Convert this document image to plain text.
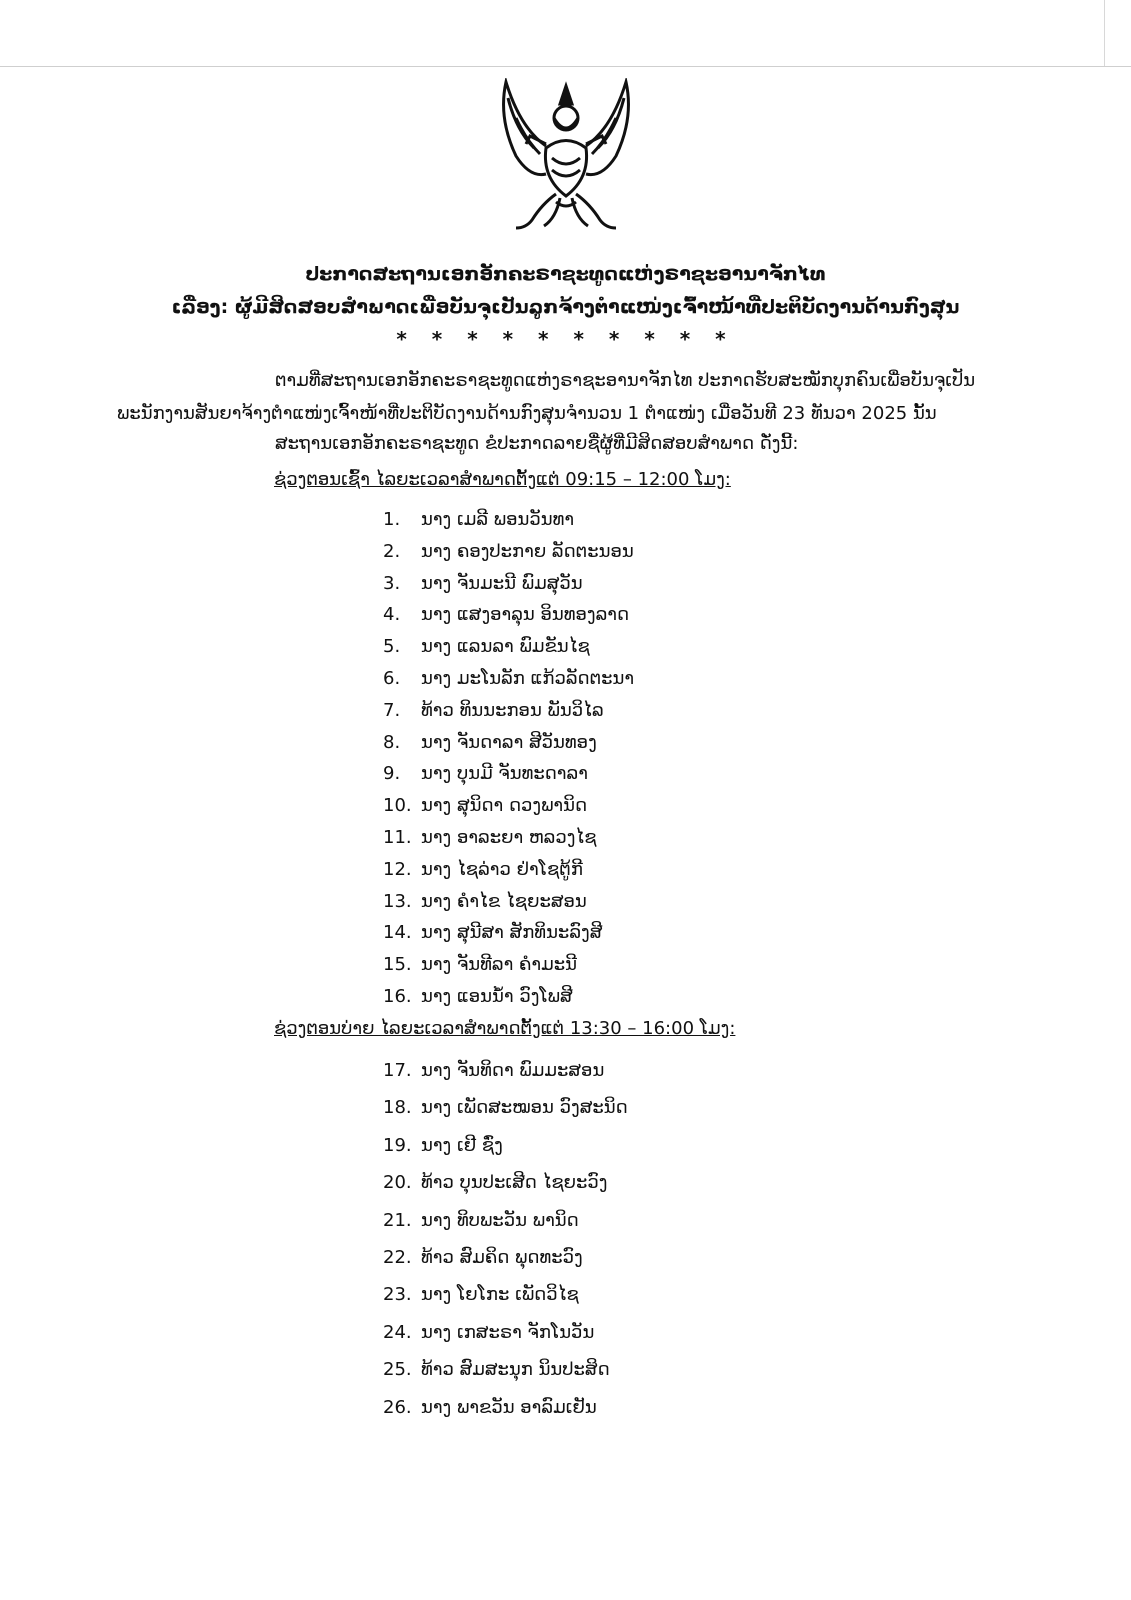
ປະກາດສະຖານເອກອັກຄະຣາຊະທູດແຫ່ງຣາຊະອານາຈັກໄທ
ເລື່ອງ: ຜູ້ມີສິດສອບສຳພາດເພື່ອບັນຈຸເປັນລູກຈ້າງຕຳແໜ່ງເຈົ້າໜ້າທີ່ປະຕິບັດງານດ້ານກົງສຸນ
* * * * * * * * * *
ຕາມທີ່ສະຖານເອກອັກຄະຣາຊະທູດແຫ່ງຣາຊະອານາຈັກໄທ ປະກາດຮັບສະໝັກບຸກຄົນເພື່ອບັນຈຸເປັນ
ພະນັກງານສັນຍາຈ້າງຕຳແໜ່ງເຈົ້າໜ້າທີ່ປະຕິບັດງານດ້ານກົງສຸນຈຳນວນ 1 ຕຳແໜ່ງ ເມື່ອວັນທີ 23 ທັນວາ 2025 ນັ້ນ
ສະຖານເອກອັກຄະຣາຊະທູດ ຂໍປະກາດລາຍຊື່ຜູ້ທີ່ມີສິດສອບສຳພາດ ດັ່ງນີ້:
ຊ່ວງຕອນເຊົ້າ ໄລຍະເວລາສຳພາດຕັ້ງແຕ່ 09:15 – 12:00 ໂມງ:
1. ນາງ ເມລີ ພອນວັນທາ
2. ນາງ ຄອງປະກາຍ ລັດຕະນອນ
3. ນາງ ຈັນມະນີ ພົມສຸວັນ
4. ນາງ ແສງອາລຸນ ອິນທອງລາດ
5. ນາງ ແລນລາ ພົມຂັນໄຊ
6. ນາງ ມະໂນລັກ ແກ້ວລັດຕະນາ
7. ທ້າວ ທິນນະກອນ ພັນວິໄລ
8. ນາງ ຈັນດາລາ ສີວັນທອງ
9. ນາງ ບຸນມີ ຈັນທະດາລາ
10. ນາງ ສຸນິດາ ດວງພານິດ
11. ນາງ ອາລະຍາ ຫລວງໄຊ
12. ນາງ ໄຊລ່າວ ຢ່າໂຊຕູ້ກີ
13. ນາງ ຄຳໄຂ ໄຊຍະສອນ
14. ນາງ ສຸນີສາ ສັກທິນະລົງສີ
15. ນາງ ຈັນທີລາ ຄຳມະນີ
16. ນາງ ແອນນ້ຳ ວົງໂພສີ
ຊ່ວງຕອນບ່າຍ ໄລຍະເວລາສຳພາດຕັ້ງແຕ່ 13:30 – 16:00 ໂມງ:
17. ນາງ ຈັນທິດາ ພົມມະສອນ
18. ນາງ ເພັດສະໝອນ ວົງສະນິດ
19. ນາງ ເຢີ ຊົ່ງ
20. ທ້າວ ບຸນປະເສີດ ໄຊຍະວົງ
21. ນາງ ທິບພະວັນ ພານິດ
22. ທ້າວ ສົມຄິດ ພຸດທະວົງ
23. ນາງ ໂຍໂກະ ເພັດວິໄຊ
24. ນາງ ເກສະຣາ ຈັກໂນວັນ
25. ທ້າວ ສົມສະນຸກ ນິນປະສິດ
26. ນາງ ພາຂວັນ ອາລົມເຢັນ
